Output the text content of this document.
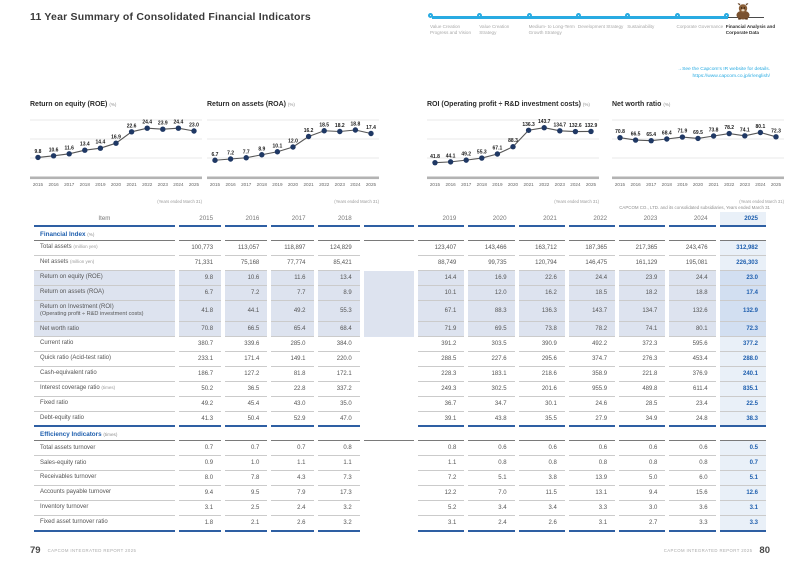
11 Year Summary of Consolidated Financial Indicators
Value Creation Progress and Vision
Value Creation Strategy
Medium- to Long-Term Growth Strategy
Development Strategy Sustainability	Corporate Governance Financial Analysis and Corporate Data
→See the Capcom's IR website for details.
https://www.capcom.co.jp/ir/english/
Return on equity (ROE) (%)
9.8
2015
10.6
2016
11.6
2017
13.4
2018
14.4
2019
16.9
2020
22.6
2021
24.4
2022
23.9
2023
24.4
2024
23.0
2025
(Years ended March 31)
Return on assets (ROA) (%)
6.7
2015
7.2
2016
7.7
2017
8.9
2018
10.1
2019
12.0
2020
16.2
2021
18.5
2022
18.2
2023
18.8
2024
17.4
2025
(Years ended March 31)
ROI (Operating profit ÷ R&D investment costs) (%)
41.8
2015
44.1
2016
49.2
2017
55.3
2018
67.1
2019
88.3
2020
136.3
2021
143.7
2022
134.7
2023
132.6
2024
132.9
2025
(Years ended March 31)
Net worth ratio (%)
70.8
2015
66.5
2016
65.4
2017
68.4
2018
71.9
2019
69.5
2020
73.8
2021
78.2
2022
74.1
2023
80.1
2024
72.3
2025
(Years ended March 31)
CAPCOM CO., LTD. and its consolidated subsidiaries, Years ended March 31
Item	2015	2016	2017	2018		2019	2020	2021	2022	2023	2024	2025
Financial Index (%)												
Total assets (million yen)	100,773	113,057	118,897	124,829		123,407	143,466	163,712	187,365	217,365	243,476	312,982
Net assets (million yen)	71,331	75,168	77,774	85,421		88,749	99,735	120,794	146,475	161,129	195,081	226,303
Return on equity (ROE)	9.8	10.6	11.6	13.4		14.4	16.9	22.6	24.4	23.9	24.4	23.0
Return on assets (ROA)	6.7	7.2	7.7	8.9		10.1	12.0	16.2	18.5	18.2	18.8	17.4
Return on Investment (ROI)
(Operating profit ÷ R&D investment costs)	41.8	44.1	49.2	55.3		67.1	88.3	136.3	143.7	134.7	132.6	132.9
Net worth ratio	70.8	66.5	65.4	68.4		71.9	69.5	73.8	78.2	74.1	80.1	72.3
Current ratio	380.7	339.6	285.0	384.0		391.2	303.5	390.9	492.2	372.3	595.6	377.2
Quick ratio (Acid-test ratio)	233.1	171.4	149.1	220.0		288.5	227.6	295.6	374.7	276.3	453.4	288.0
Cash-equivalent ratio	186.7	127.2	81.8	172.1		228.3	183.1	218.6	358.9	221.8	376.9	240.1
Interest coverage ratio (times)	50.2	36.5	22.8	337.2		249.3	302.5	201.6	955.9	489.8	611.4	835.1
Fixed ratio	49.2	45.4	43.0	35.0		36.7	34.7	30.1	24.6	28.5	23.4	22.5
Debt-equity ratio	41.3	50.4	52.9	47.0		39.1	43.8	35.5	27.9	34.9	24.8	38.3
Efficiency Indicators (times)												
Total assets turnover	0.7	0.7	0.7	0.8		0.8	0.6	0.6	0.6	0.6	0.6	0.5
Sales-equity ratio	0.9	1.0	1.1	1.1		1.1	0.8	0.8	0.8	0.8	0.8	0.7
Receivables turnover	8.0	7.8	4.3	7.3		7.2	5.1	3.8	13.9	5.0	6.0	5.1
Accounts payable turnover	9.4	9.5	7.9	17.3		12.2	7.0	11.5	13.1	9.4	15.6	12.6
Inventory turnover	3.1	2.5	2.4	3.2		5.2	3.4	3.4	3.3	3.0	3.6	3.1
Fixed asset turnover ratio	1.8	2.1	2.6	3.2		3.1	2.4	2.6	3.1	2.7	3.3	3.3
79 CAPCOM INTEGRATED REPORT 2025	CAPCOM INTEGRATED REPORT 2025 80
